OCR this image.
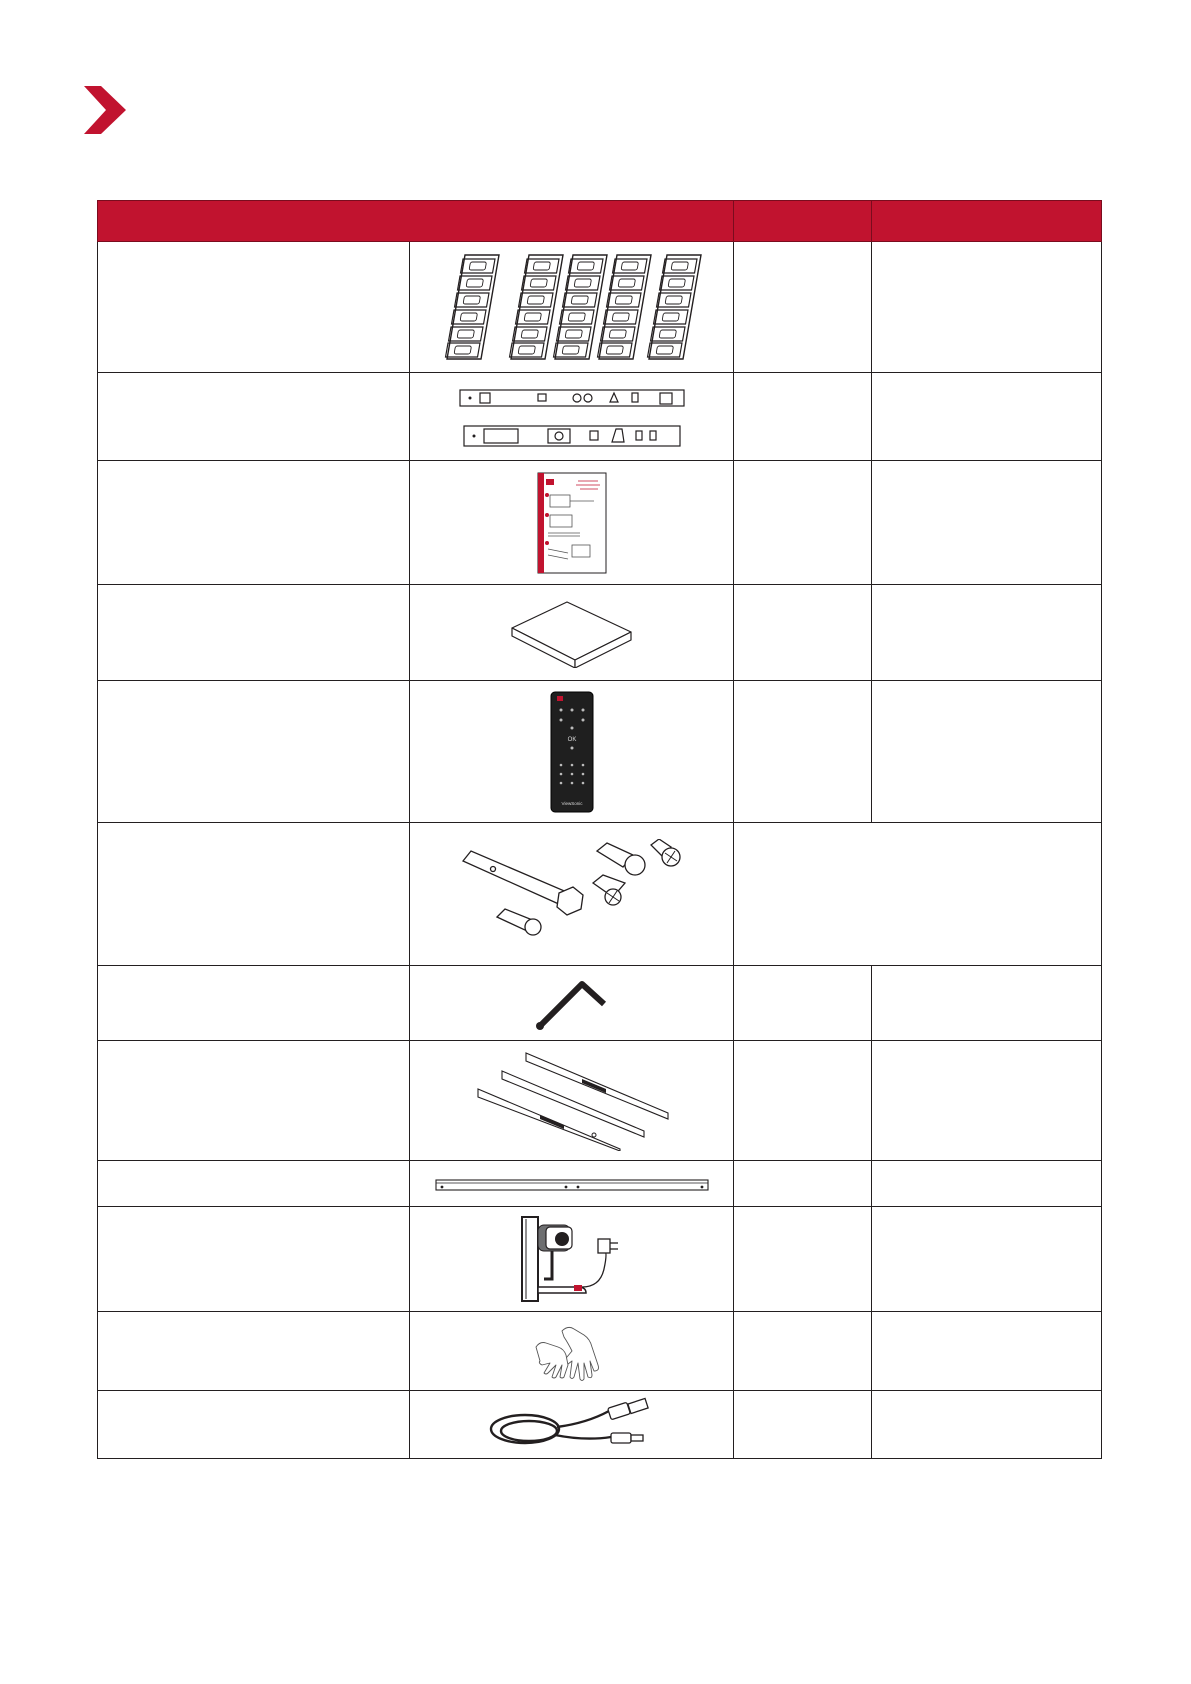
OK
ViewSonic		
